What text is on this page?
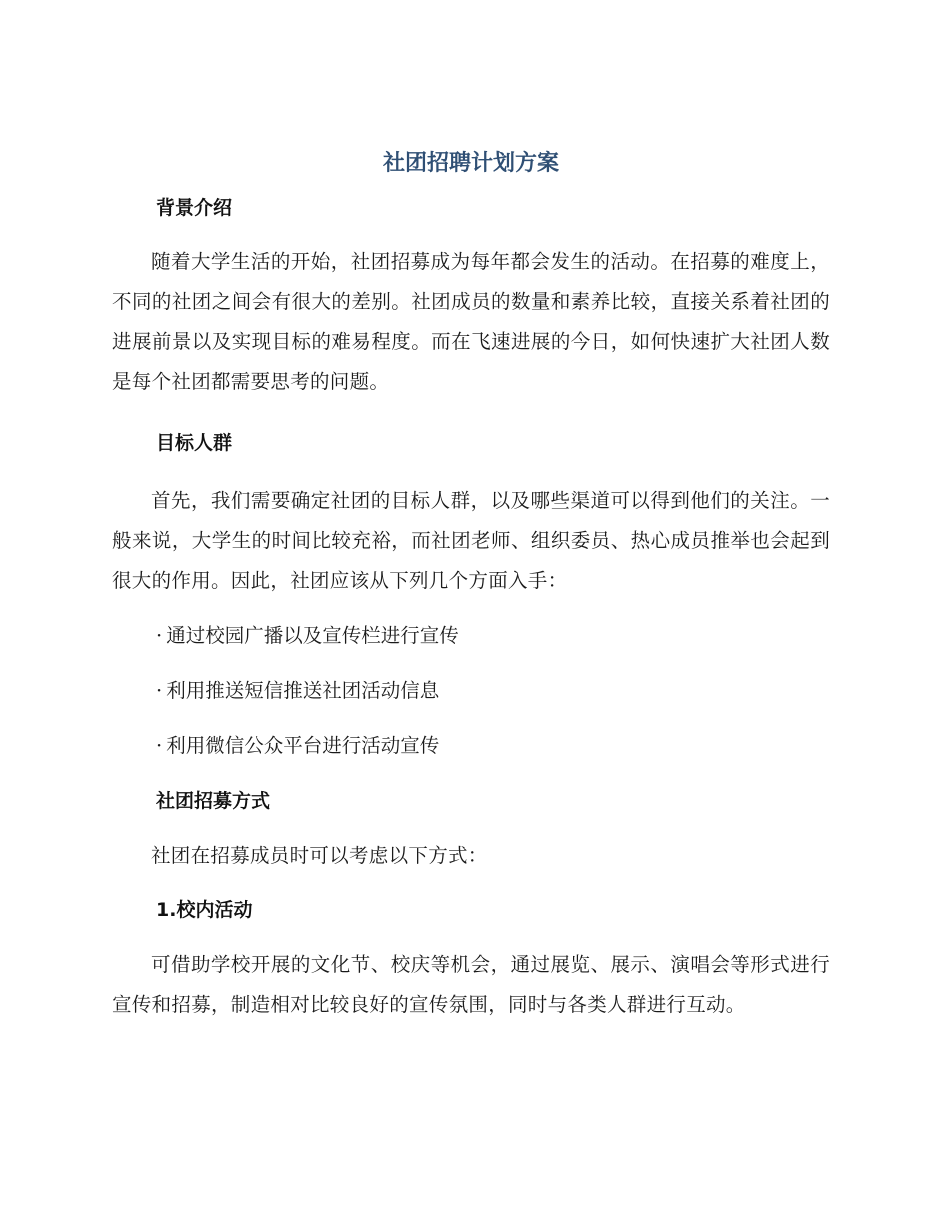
社团招聘计划方案
背景介绍
随着大学生活的开始，社团招募成为每年都会发生的活动。在招募的难度上，不同的社团之间会有很大的差别。社团成员的数量和素养比较，直接关系着社团的进展前景以及实现目标的难易程度。而在飞速进展的今日，如何快速扩大社团人数是每个社团都需要思考的问题。
目标人群
首先，我们需要确定社团的目标人群，以及哪些渠道可以得到他们的关注。一般来说，大学生的时间比较充裕，而社团老师、组织委员、热心成员推举也会起到很大的作用。因此，社团应该从下列几个方面入手：
· 通过校园广播以及宣传栏进行宣传
· 利用推送短信推送社团活动信息
· 利用微信公众平台进行活动宣传
社团招募方式
社团在招募成员时可以考虑以下方式：
1.校内活动
可借助学校开展的文化节、校庆等机会，通过展览、展示、演唱会等形式进行宣传和招募，制造相对比较良好的宣传氛围，同时与各类人群进行互动。
